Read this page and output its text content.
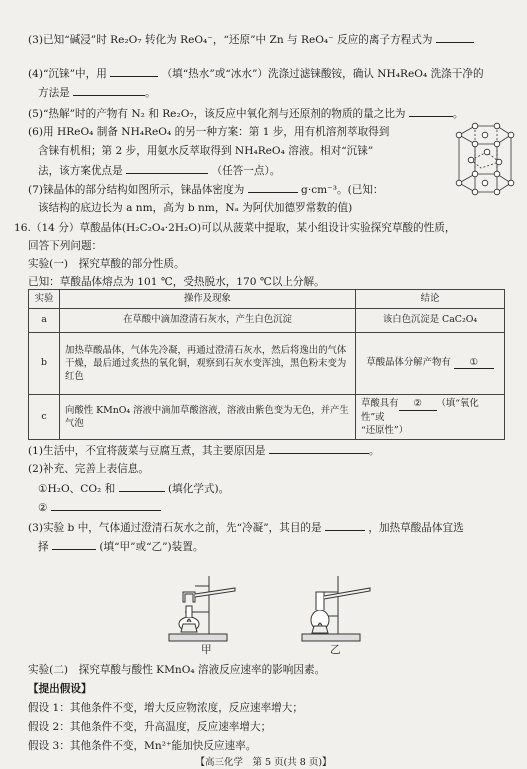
(3)已知“碱浸”时 Re₂O₇ 转化为 ReO₄⁻，“还原”中 Zn 与 ReO₄⁻ 反应的离子方程式为
(4)“沉铼”中，用	（填“热水”或“冰水”）洗涤过滤铼酸铵，确认 NH₄ReO₄ 洗涤干净的
方法是	。
(5)“热解”时的产物有 N₂ 和 Re₂O₇，该反应中氧化剂与还原剂的物质的量之比为	。
(6)用 HReO₄ 制备 NH₄ReO₄ 的另一种方案：第 1 步，用有机溶剂萃取得到
含铼有机相；第 2 步，用氨水反萃取得到 NH₄ReO₄ 溶液。相对“沉铼”
法，该方案优点是	（任答一点）。
(7)铼晶体的部分结构如图所示，铼晶体密度为	g·cm⁻³。(已知：
该结构的底边长为 a nm，高为 b nm，Nₐ 为阿伏加德罗常数的值)
16.（14 分）草酸晶体(H₂C₂O₄·2H₂O)可以从菠菜中提取，某小组设计实验探究草酸的性质，
回答下列问题：
实验(一)　探究草酸的部分性质。
已知：草酸晶体熔点为 101 ℃，受热脱水，170 ℃以上分解。
实验	操作及现象	结论
a	在草酸中滴加澄清石灰水，产生白色沉淀	该白色沉淀是 CaC₂O₄
b	加热草酸晶体，气体先冷凝，再通过澄清石灰水，然后将逸出的气体干燥，最后通过炙热的氧化铜，观察到石灰水变浑浊，黑色粉末变为红色	草酸晶体分解产物有 ①
c	向酸性 KMnO₄ 溶液中滴加草酸溶液，溶液由紫色变为无色，并产生气泡	草酸具有 ② （填“氧化性”或
“还原性”）
(1)生活中，不宜将菠菜与豆腐互煮，其主要原因是	。
(2)补充、完善上表信息。
①H₂O、CO₂ 和	(填化学式)。
②
(3)实验 b 中，气体通过澄清石灰水之前，先“冷凝”，其目的是	，加热草酸晶体宜选
择	(填“甲”或“乙”)装置。
甲	乙
实验(二)　探究草酸与酸性 KMnO₄ 溶液反应速率的影响因素。
【提出假设】
假设 1：其他条件不变，增大反应物浓度，反应速率增大；
假设 2：其他条件不变，升高温度，反应速率增大；
假设 3：其他条件不变，Mn²⁺能加快反应速率。
【高三化学　第 5 页(共 8 页)】
